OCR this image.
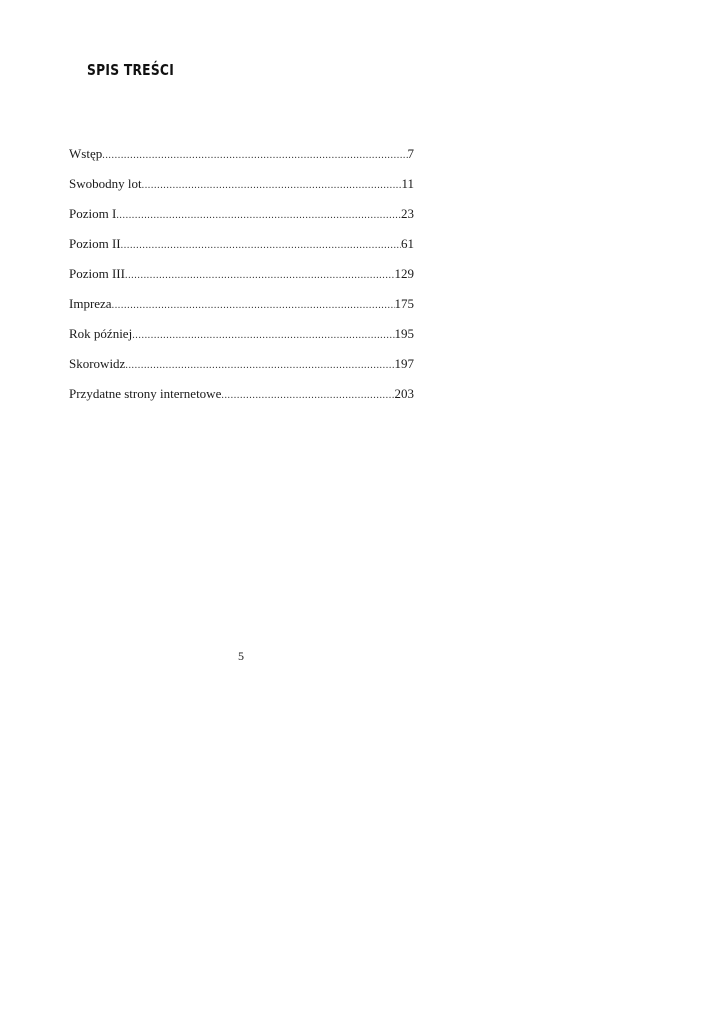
SPIS TREŚCI
Wstęp .....	7
Swobodny lot .....	11
Poziom I .....	23
Poziom II .....	61
Poziom III .....	129
Impreza .....	175
Rok później .....	195
Skorowidz .....	197
Przydatne strony internetowe .....	203
5
